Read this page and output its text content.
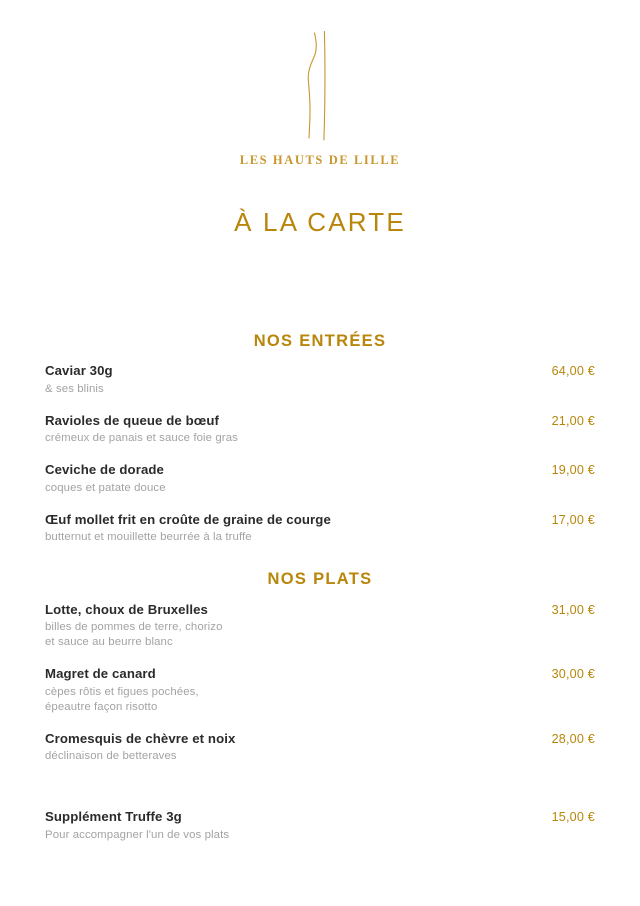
LES HAUTS DE LILLE
À LA CARTE
NOS ENTRÉES
Caviar 30g
& ses blinis
64,00 €
Ravioles de queue de bœuf
crémeux de panais et sauce foie gras
21,00 €
Ceviche de dorade
coques et patate douce
19,00 €
Œuf mollet frit en croûte de graine de courge
butternut et mouillette beurrée à la truffe
17,00 €
NOS PLATS
Lotte, choux de Bruxelles
billes de pommes de terre, chorizo
et sauce au beurre blanc
31,00 €
Magret de canard
cèpes rôtis et figues pochées,
épeautre façon risotto
30,00 €
Cromesquis de chèvre et noix
déclinaison de betteraves
28,00 €
Supplément Truffe 3g
Pour accompagner l'un de vos plats
15,00 €
